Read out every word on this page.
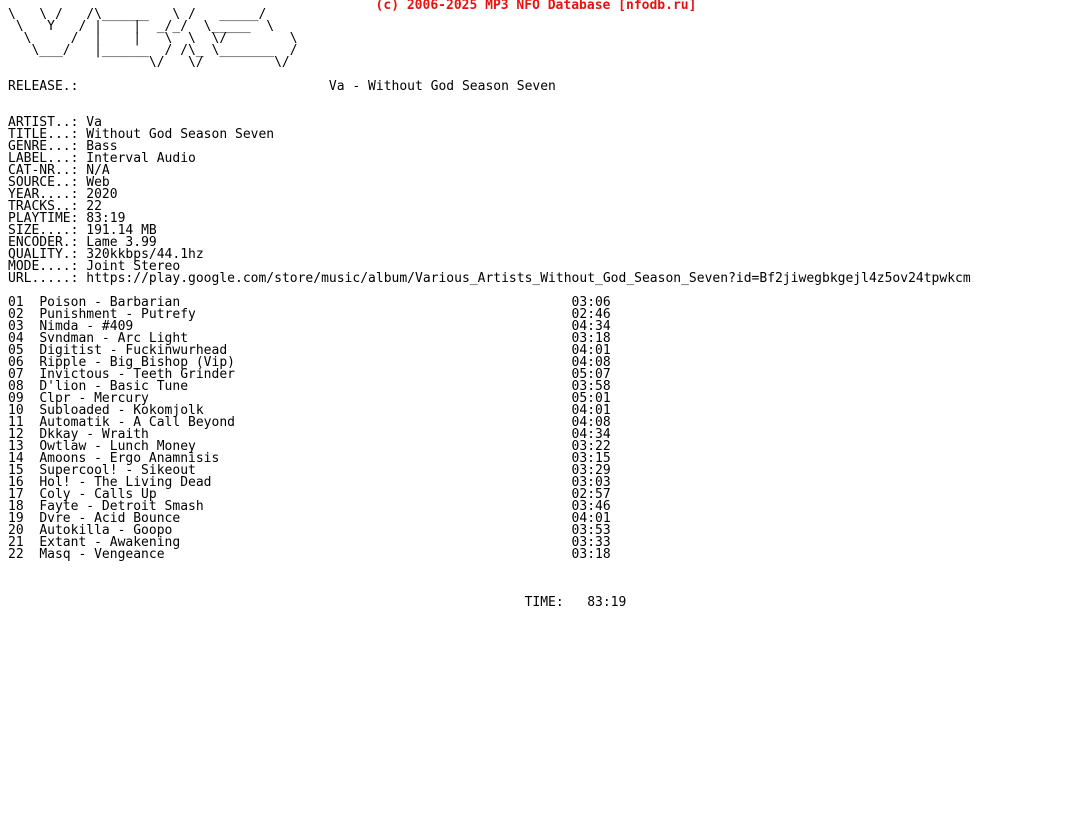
(c) 2006-2025 MP3 NFO Database [nfodb.ru]
\   \ /   /\______   \ /   _____/
\   Y   / |    |  _/_/  \_____  \
\     /  |    |   \  \  \/        \
\___/   |______  / /\_ \_______  /
\/   \/         \/
RELEASE.:	Va - Without God Season Seven
ARTIST..: Va
TITLE...: Without God Season Seven
GENRE...: Bass
LABEL...: Interval Audio
CAT-NR..: N/A
SOURCE..: Web
YEAR....: 2020
TRACKS..: 22
PLAYTIME: 83:19
SIZE....: 191.14 MB
ENCODER.: Lame 3.99
QUALITY.: 320kkbps/44.1hz
MODE....: Joint Stereo
URL.....: https://play.google.com/store/music/album/Various_Artists_Without_God_Season_Seven?id=Bf2jiwegbkgejl4z5ov24tpwkcm
01 Poison - Barbarian	03:06
02 Punishment - Putrefy	02:46
03 Nimda - #409	04:34
04 Svndman - Arc Light	03:18
05 Digitist - Fuckinwurhead	04:01
06 Ripple - Big Bishop (Vip)	04:08
07 Invictous - Teeth Grinder	05:07
08 D'lion - Basic Tune	03:58
09 Clpr - Mercury	05:01
10 Subloaded - Kokomjolk	04:01
11 Automatik - A Call Beyond	04:08
12 Dkkay - Wraith	04:34
13 Owtlaw - Lunch Money	03:22
14 Amoons - Ergo Anamnisis	03:15
15 Supercool! - Sikeout	03:29
16 Hol! - The Living Dead	03:03
17 Coly - Calls Up	02:57
18 Fayte - Detroit Smash	03:46
19 Dvre - Acid Bounce	04:01
20 Autokilla - Goopo	03:53
21 Extant - Awakening	03:33
22 Masq - Vengeance	03:18
TIME: 83:19
